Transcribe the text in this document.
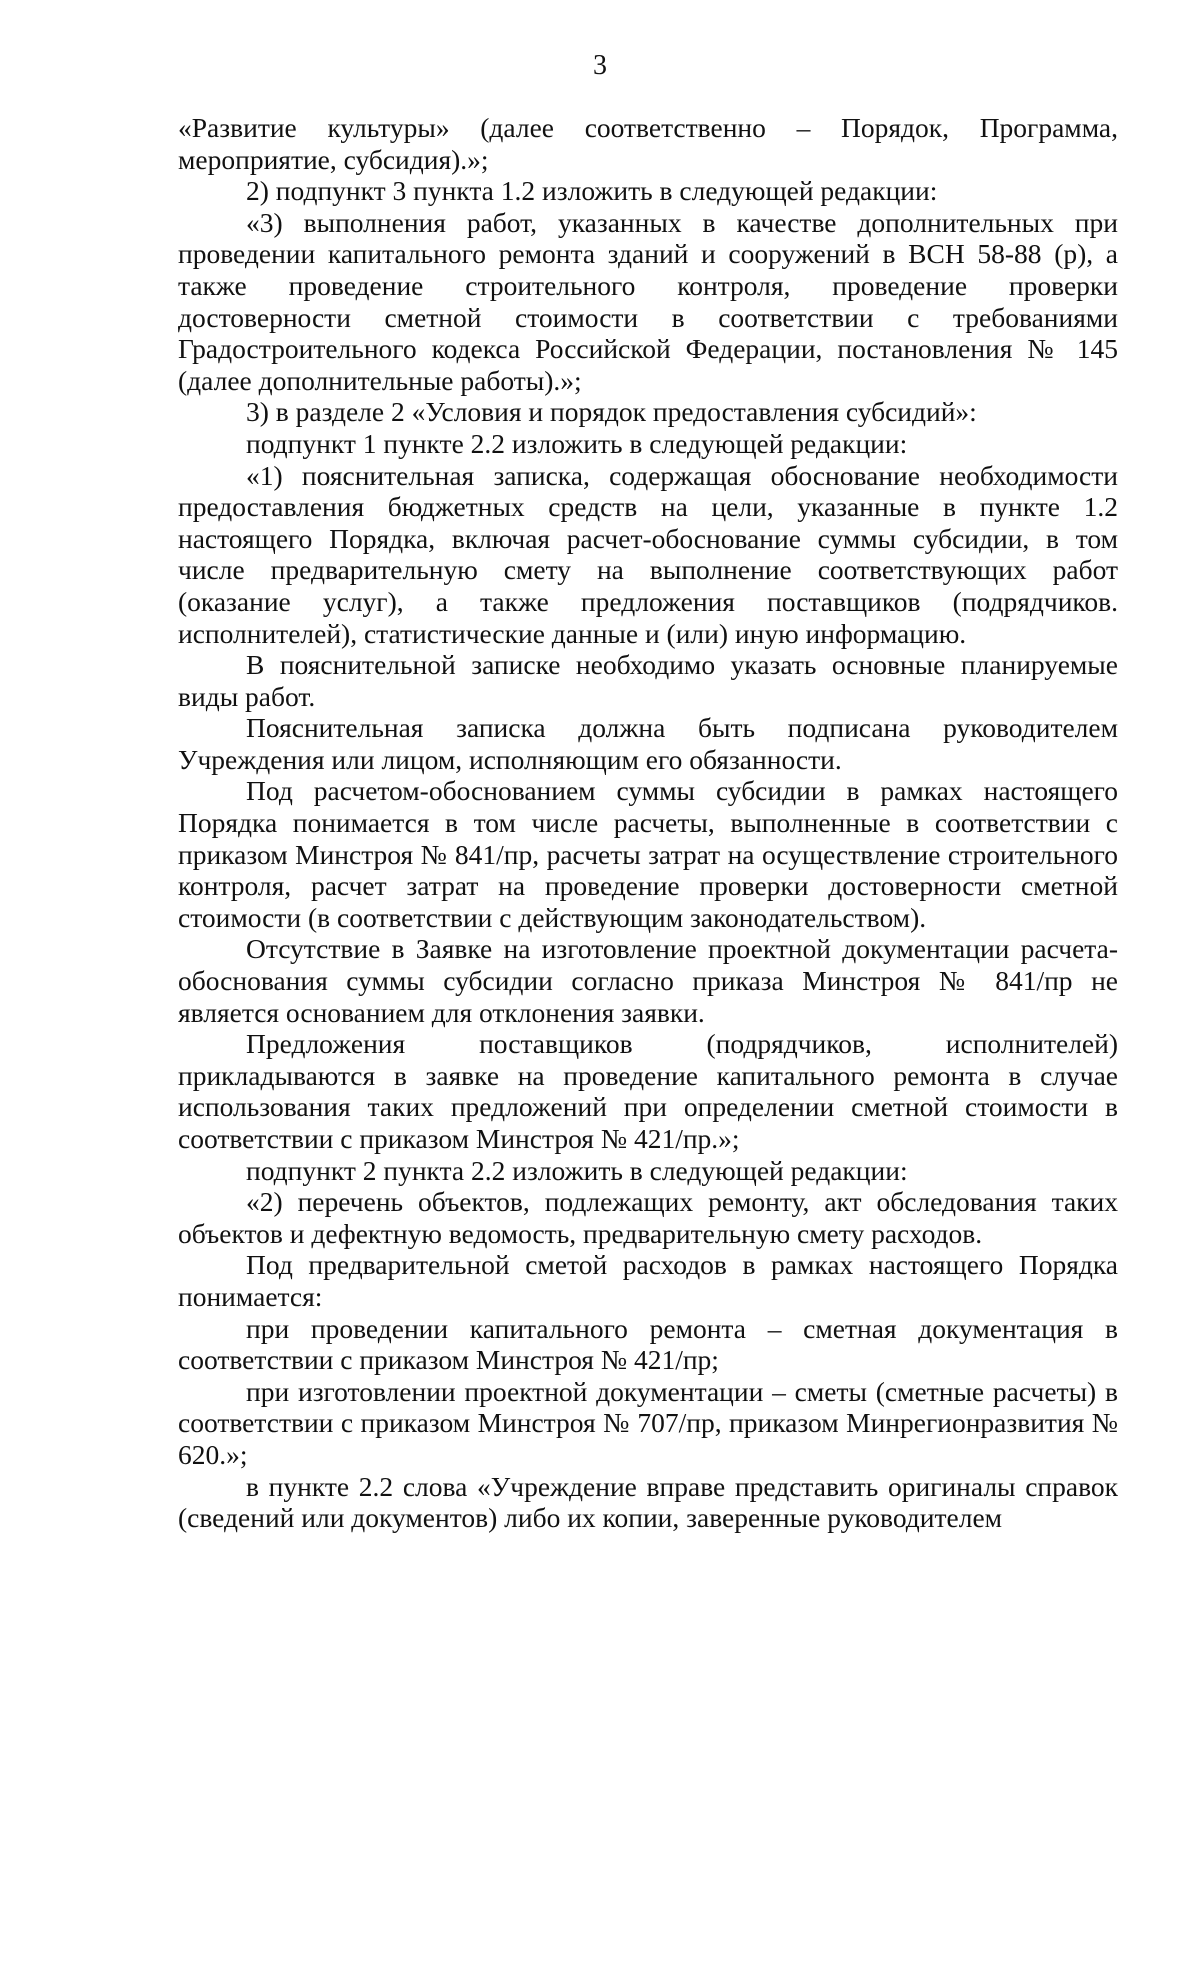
3

«Развитие культуры» (далее соответственно – Порядок, Программа, мероприятие, субсидия).»;

2) подпункт 3 пункта 1.2 изложить в следующей редакции:

«3) выполнения работ, указанных в качестве дополнительных при проведении капитального ремонта зданий и сооружений в ВСН 58-88 (р), а также проведение строительного контроля, проведение проверки достоверности сметной стоимости в соответствии с требованиями Градостроительного кодекса Российской Федерации, постановления № 145 (далее дополнительные работы).»;

3) в разделе 2 «Условия и порядок предоставления субсидий»:

подпункт 1 пункте 2.2 изложить в следующей редакции:

«1) пояснительная записка, содержащая обоснование необходимости предоставления бюджетных средств на цели, указанные в пункте 1.2 настоящего Порядка, включая расчет-обоснование суммы субсидии, в том числе предварительную смету на выполнение соответствующих работ (оказание услуг), а также предложения поставщиков (подрядчиков. исполнителей), статистические данные и (или) иную информацию.

В пояснительной записке необходимо указать основные планируемые виды работ.

Пояснительная записка должна быть подписана руководителем Учреждения или лицом, исполняющим его обязанности.

Под расчетом-обоснованием суммы субсидии в рамках настоящего Порядка понимается в том числе расчеты, выполненные в соответствии с приказом Минстроя № 841/пр, расчеты затрат на осуществление строительного контроля, расчет затрат на проведение проверки достоверности сметной стоимости (в соответствии с действующим законодательством).

Отсутствие в Заявке на изготовление проектной документации расчета-обоснования суммы субсидии согласно приказа Минстроя № 841/пр не является основанием для отклонения заявки.

Предложения поставщиков (подрядчиков, исполнителей) прикладываются в заявке на проведение капитального ремонта в случае использования таких предложений при определении сметной стоимости в соответствии с приказом Минстроя № 421/пр.»;

подпункт 2 пункта 2.2 изложить в следующей редакции:

«2) перечень объектов, подлежащих ремонту, акт обследования таких объектов и дефектную ведомость, предварительную смету расходов.

Под предварительной сметой расходов в рамках настоящего Порядка понимается:

при проведении капитального ремонта – сметная документация в соответствии с приказом Минстроя № 421/пр;

при изготовлении проектной документации – сметы (сметные расчеты) в соответствии с приказом Минстроя № 707/пр, приказом Минрегионразвития № 620.»;

в пункте 2.2 слова «Учреждение вправе представить оригиналы справок (сведений или документов) либо их копии, заверенные руководителем
